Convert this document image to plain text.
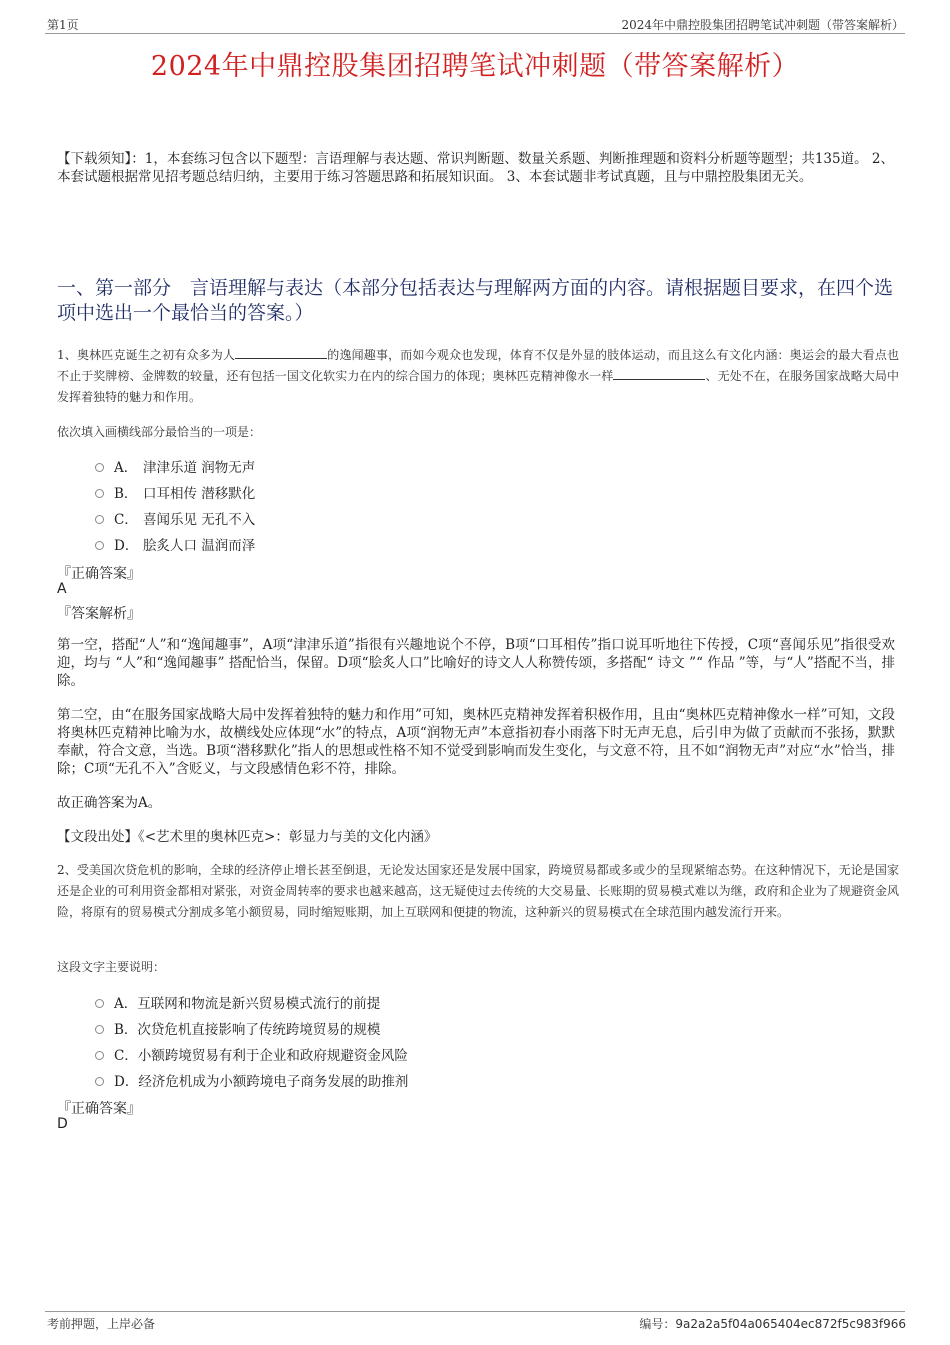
第1页	2024年中鼎控股集团招聘笔试冲刺题（带答案解析）
2024年中鼎控股集团招聘笔试冲刺题（带答案解析）
【下载须知】：1，本套练习包含以下题型：言语理解与表达题、常识判断题、数量关系题、判断推理题和资料分析题等题型；共135道。 2、本套试题根据常见招考题总结归纳，主要用于练习答题思路和拓展知识面。 3、本套试题非考试真题，且与中鼎控股集团无关。
一、第一部分　言语理解与表达（本部分包括表达与理解两方面的内容。请根据题目要求，在四个选项中选出一个最恰当的答案。）
1、奥林匹克诞生之初有众多为人	的逸闻趣事，而如今观众也发现，体育不仅是外显的肢体运动，而且这么有文化内涵：奥运会的最大看点也不止于奖牌榜、金牌数的较量，还有包括一国文化软实力在内的综合国力的体现；奥林匹克精神像水一样	、无处不在，在服务国家战略大局中发挥着独特的魅力和作用。
依次填入画横线部分最恰当的一项是：
A． 津津乐道 润物无声
B． 口耳相传 潜移默化
C． 喜闻乐见 无孔不入
D． 脍炙人口 温润而泽
『正确答案』
A
『答案解析』
第一空，搭配“人”和“逸闻趣事”，A项“津津乐道”指很有兴趣地说个不停，B项“口耳相传”指口说耳听地往下传授，C项“喜闻乐见”指很受欢迎，均与 “人”和“逸闻趣事” 搭配恰当，保留。D项“脍炙人口”比喻好的诗文人人称赞传颂，多搭配“ 诗文 ”“ 作品 ”等，与“人”搭配不当，排除。
第二空，由“在服务国家战略大局中发挥着独特的魅力和作用”可知，奥林匹克精神发挥着积极作用，且由“奥林匹克精神像水一样”可知，文段将奥林匹克精神比喻为水，故横线处应体现“水”的特点，A项“润物无声”本意指初春小雨落下时无声无息，后引申为做了贡献而不张扬，默默奉献，符合文意，当选。B项“潜移默化”指人的思想或性格不知不觉受到影响而发生变化，与文意不符，且不如“润物无声”对应“水”恰当，排除；C项“无孔不入”含贬义，与文段感情色彩不符，排除。
故正确答案为A。
【文段出处】《<艺术里的奥林匹克>：彰显力与美的文化内涵》
2、受美国次贷危机的影响，全球的经济停止增长甚至倒退，无论发达国家还是发展中国家，跨境贸易都或多或少的呈现紧缩态势。在这种情况下，无论是国家还是企业的可利用资金都相对紧张，对资金周转率的要求也越来越高，这无疑使过去传统的大交易量、长账期的贸易模式难以为继，政府和企业为了规避资金风险，将原有的贸易模式分割成多笔小额贸易，同时缩短账期，加上互联网和便捷的物流，这种新兴的贸易模式在全球范围内越发流行开来。
这段文字主要说明：
A． 互联网和物流是新兴贸易模式流行的前提
B． 次贷危机直接影响了传统跨境贸易的规模
C． 小额跨境贸易有利于企业和政府规避资金风险
D． 经济危机成为小额跨境电子商务发展的助推剂
『正确答案』
D
考前押题，上岸必备	编号：9a2a2a5f04a065404ec872f5c983f966
